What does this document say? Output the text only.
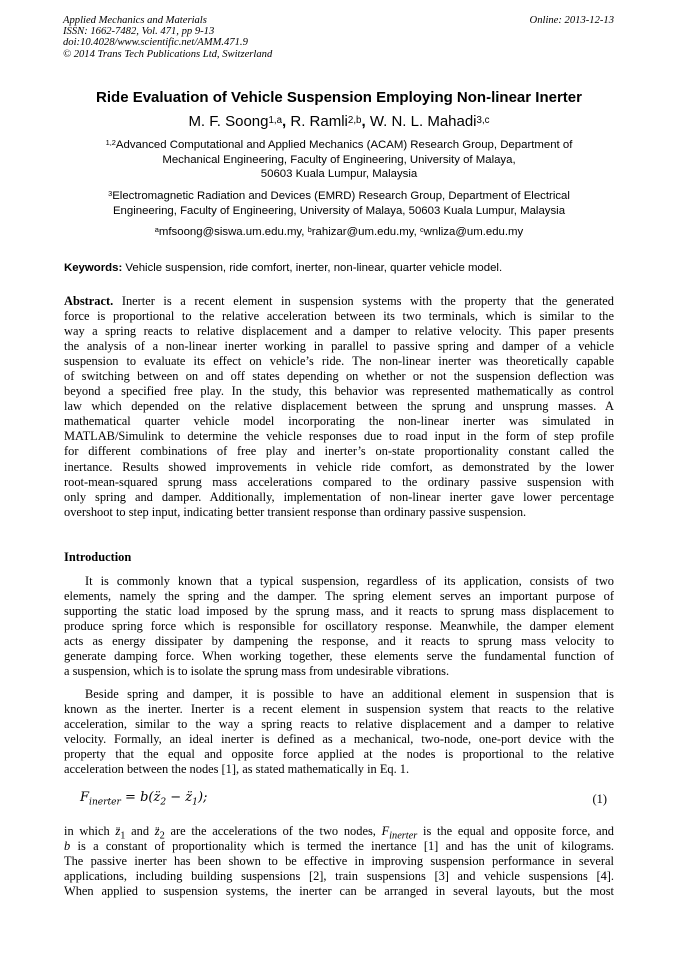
Applied Mechanics and Materials
ISSN: 1662-7482, Vol. 471, pp 9-13
doi:10.4028/www.scientific.net/AMM.471.9
© 2014 Trans Tech Publications Ltd, Switzerland
Online: 2013-12-13
Ride Evaluation of Vehicle Suspension Employing Non-linear Inerter
M. F. Soong$^{1,a}$, R. Ramli$^{2,b}$, W. N. L. Mahadi$^{3,c}$
$^{1,2}$Advanced Computational and Applied Mechanics (ACAM) Research Group, Department of
Mechanical Engineering, Faculty of Engineering, University of Malaya,
50603 Kuala Lumpur, Malaysia
$^3$Electromagnetic Radiation and Devices (EMRD) Research Group, Department of Electrical
Engineering, Faculty of Engineering, University of Malaya, 50603 Kuala Lumpur, Malaysia
$^a$mfsoong@siswa.um.edu.my, $^b$rahizar@um.edu.my, $^c$wnliza@um.edu.my
Keywords: Vehicle suspension, ride comfort, inerter, non-linear, quarter vehicle model.
Abstract. Inerter is a recent element in suspension systems with the property that the generated
force is proportional to the relative acceleration between its two terminals, which is similar to the
way a spring reacts to relative displacement and a damper to relative velocity. This paper presents
the analysis of a non-linear inerter working in parallel to passive spring and damper of a vehicle
suspension to evaluate its effect on vehicle’s ride. The non-linear inerter was theoretically capable
of switching between on and off states depending on whether or not the suspension deflection was
beyond a specified free play. In the study, this behavior was represented mathematically as control
law which depended on the relative displacement between the sprung and unsprung masses. A
mathematical quarter vehicle model incorporating the non-linear inerter was simulated in
MATLAB/Simulink to determine the vehicle responses due to road input in the form of step profile
for different combinations of free play and inerter’s on-state proportionality constant called the
inertance. Results showed improvements in vehicle ride comfort, as demonstrated by the lower
root-mean-squared sprung mass accelerations compared to the ordinary passive suspension with
only spring and damper. Additionally, implementation of non-linear inerter gave lower percentage
overshoot to step input, indicating better transient response than ordinary passive suspension.
Introduction
It is commonly known that a typical suspension, regardless of its application, consists of two
elements, namely the spring and the damper. The spring element serves an important purpose of
supporting the static load imposed by the sprung mass, and it reacts to sprung mass displacement to
produce spring force which is responsible for oscillatory response. Meanwhile, the damper element
acts as energy dissipater by dampening the response, and it reacts to sprung mass velocity to
generate damping force. When working together, these elements serve the fundamental function of
a suspension, which is to isolate the sprung mass from undesirable vibrations.
Beside spring and damper, it is possible to have an additional element in suspension that is
known as the inerter. Inerter is a recent element in suspension system that reacts to the relative
acceleration, similar to the way a spring reacts to relative displacement and a damper to relative
velocity. Formally, an ideal inerter is defined as a mechanical, two-node, one-port device with the
property that the equal and opposite force applied at the nodes is proportional to the relative
acceleration between the nodes [1], as stated mathematically in Eq. 1.
$F_{inerter}$ = $b(z̈_2$ − $z̈_1$);	(1)
in which $z̈_1$ and $z̈_2$ are the accelerations of the two nodes, $F_{inerter}$ is the equal and opposite force, and
b is a constant of proportionality which is termed the inertance [1] and has the unit of kilograms.
The passive inerter has been shown to be effective in improving suspension performance in several
applications, including building suspensions [2], train suspensions [3] and vehicle suspensions [4].
When applied to suspension systems, the inerter can be arranged in several layouts, but the most
